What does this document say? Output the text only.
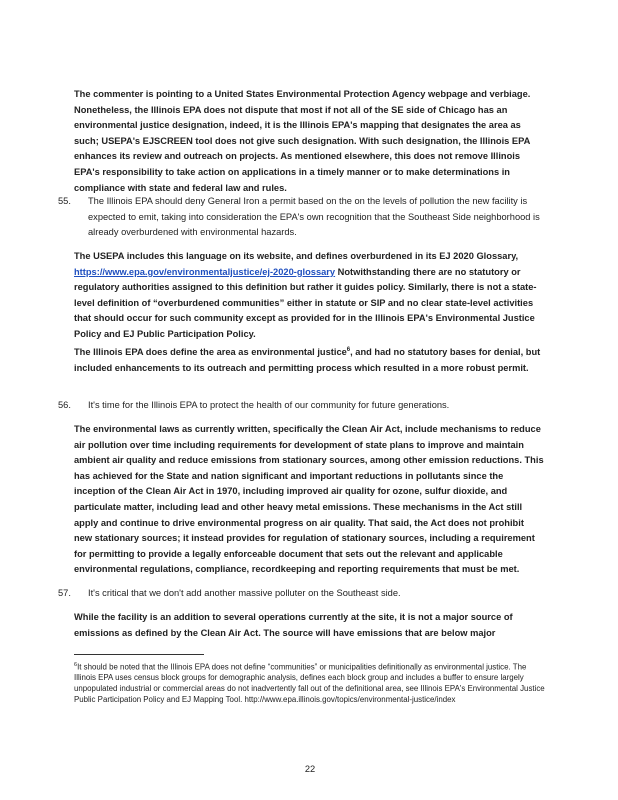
The commenter is pointing to a United States Environmental Protection Agency webpage and verbiage. Nonetheless, the Illinois EPA does not dispute that most if not all of the SE side of Chicago has an environmental justice designation, indeed, it is the Illinois EPA's mapping that designates the area as such; USEPA's EJSCREEN tool does not give such designation. With such designation, the Illinois EPA enhances its review and outreach on projects. As mentioned elsewhere, this does not remove Illinois EPA's responsibility to take action on applications in a timely manner or to make determinations in compliance with state and federal law and rules.

55.	The Illinois EPA should deny General Iron a permit based on the on the levels of pollution the new facility is expected to emit, taking into consideration the EPA's own recognition that the Southeast Side neighborhood is already overburdened with environmental hazards.

The USEPA includes this language on its website, and defines overburdened in its EJ 2020 Glossary,
https://www.epa.gov/environmentaljustice/ej-2020-glossary Notwithstanding there are no statutory or regulatory authorities assigned to this definition but rather it guides policy. Similarly, there is not a state-level definition of “overburdened communities” either in statute or SIP and no clear state-level activities that should occur for such community except as provided for in the Illinois EPA's Environmental Justice Policy and EJ Public Participation Policy.

The Illinois EPA does define the area as environmental justice$^6$, and had no statutory bases for denial, but included enhancements to its outreach and permitting process which resulted in a more robust permit.

56.	It's time for the Illinois EPA to protect the health of our community for future generations.

The environmental laws as currently written, specifically the Clean Air Act, include mechanisms to reduce air pollution over time including requirements for development of state plans to improve and maintain ambient air quality and reduce emissions from stationary sources, among other emission reductions. This has achieved for the State and nation significant and important reductions in pollutants since the inception of the Clean Air Act in 1970, including improved air quality for ozone, sulfur dioxide, and particulate matter, including lead and other heavy metal emissions. These mechanisms in the Act still apply and continue to drive environmental progress on air quality. That said, the Act does not prohibit new stationary sources; it instead provides for regulation of stationary sources, including a requirement for permitting to provide a legally enforceable document that sets out the relevant and applicable environmental regulations, compliance, recordkeeping and reporting requirements that must be met.

57.	It's critical that we don't add another massive polluter on the Southeast side.

While the facility is an addition to several operations currently at the site, it is not a major source of emissions as defined by the Clean Air Act. The source will have emissions that are below major

$^6$It should be noted that the Illinois EPA does not define “communities” or municipalities definitionally as environmental justice. The Illinois EPA uses census block groups for demographic analysis, defines each block group and includes a buffer to ensure largely unpopulated industrial or commercial areas do not inadvertently fall out of the definitional area, see Illinois EPA's Environmental Justice Public Participation Policy and EJ Mapping Tool. http://www.epa.illinois.gov/topics/environmental-justice/index

22
